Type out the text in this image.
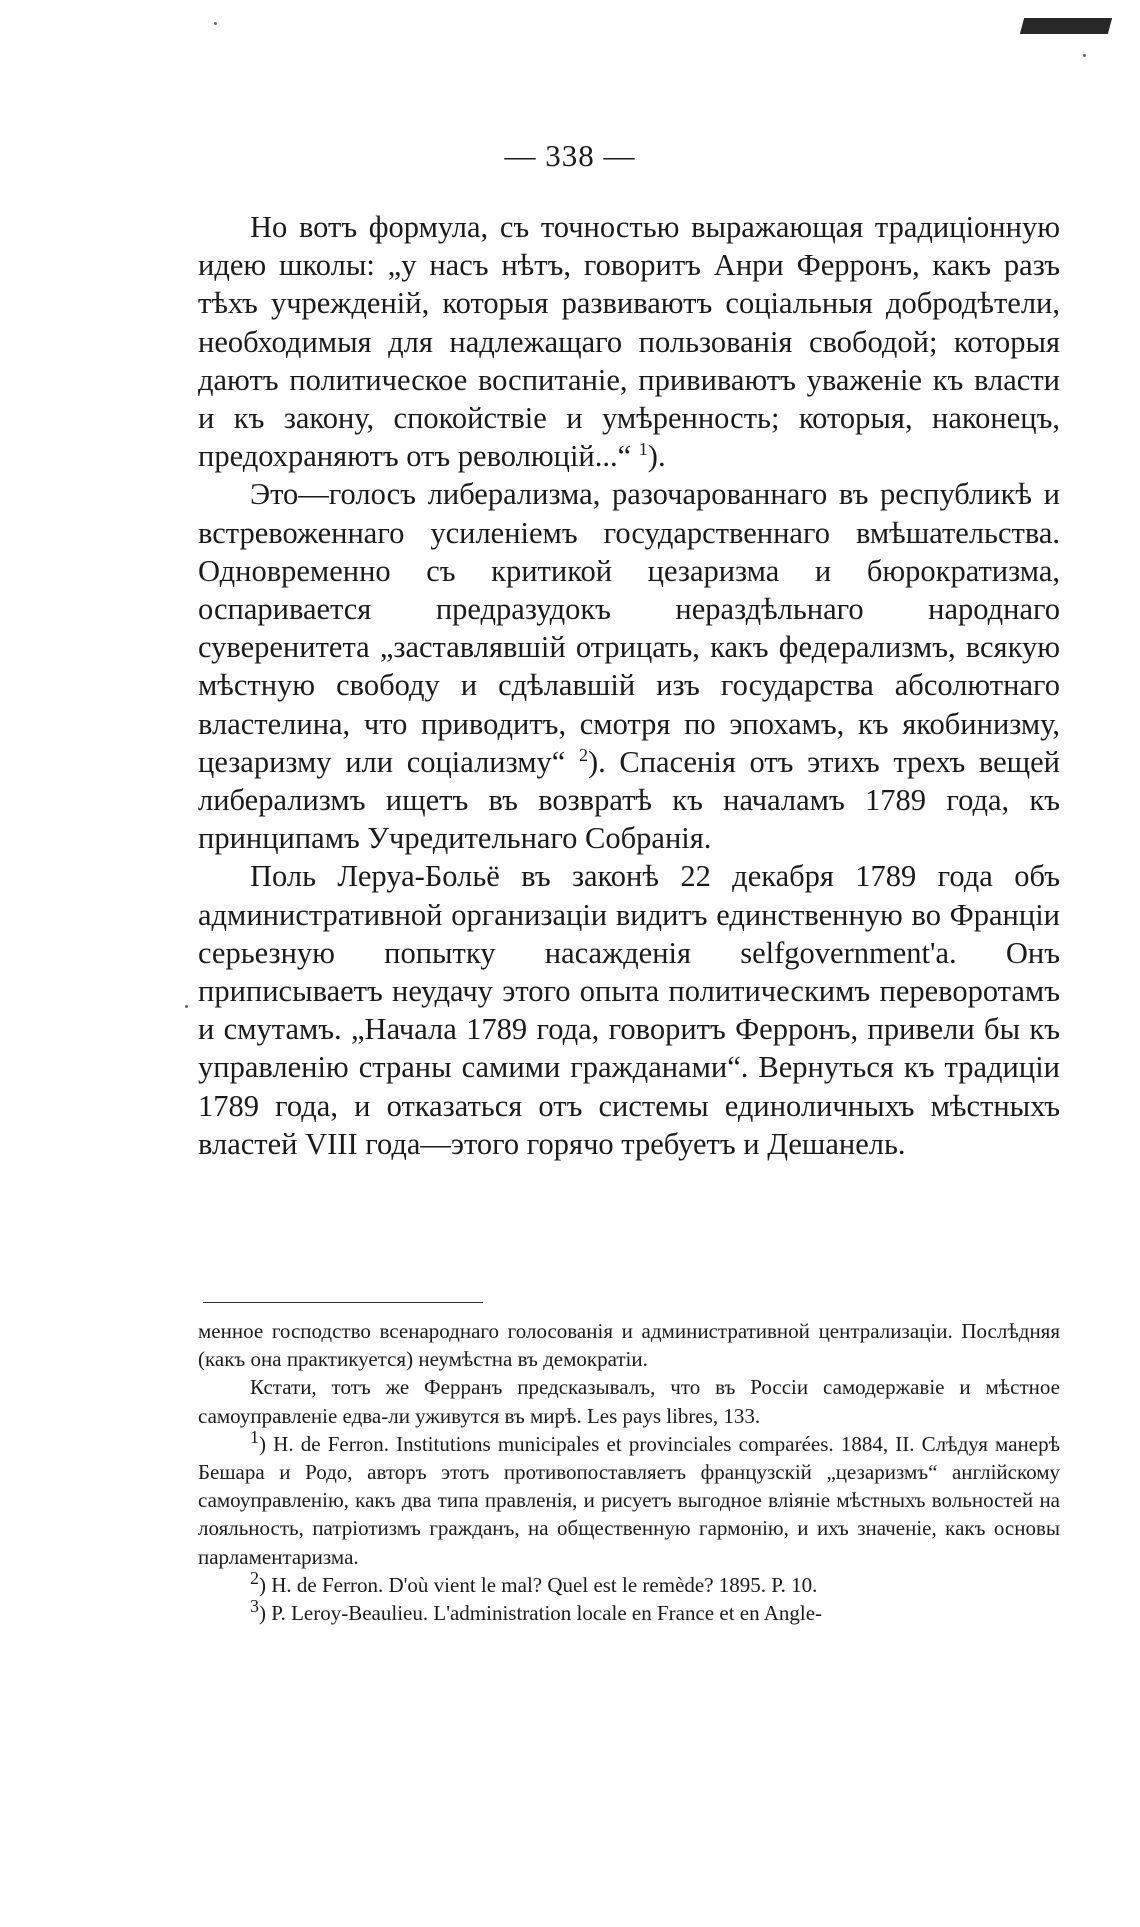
— 338 —

Но вотъ формула, съ точностью выражающая традиціонную идею школы: „у насъ нѣтъ, говоритъ Анри Ферронъ, какъ разъ тѣхъ учрежденій, которыя развиваютъ соціальныя добродѣтели, необходимыя для надлежащаго пользованія свободой; которыя даютъ политическое воспитаніе, прививаютъ уваженіе къ власти и къ закону, спокойствіе и умѣренность; которыя, наконецъ, предохраняютъ отъ революцій...“ $^1$).

Это—голосъ либерализма, разочарованнаго въ республикѣ и встревоженнаго усиленіемъ государственнаго вмѣшательства. Одновременно съ критикой цезаризма и бюрократизма, оспаривается предразудокъ нераздѣльнаго народнаго суверенитета „заставлявшій отрицать, какъ федерализмъ, всякую мѣстную свободу и сдѣлавшій изъ государства абсолютнаго властелина, что приводитъ, смотря по эпохамъ, къ якобинизму, цезаризму или соціализму“ $^2$). Спасенія отъ этихъ трехъ вещей либерализмъ ищетъ въ возвратѣ къ началамъ 1789 года, къ принципамъ Учредительнаго Собранія.

Поль Леруа-Больё въ законѣ 22 декабря 1789 года объ административной организаціи видитъ единственную во Франціи серьезную попытку насажденія selfgovernment'а. Онъ приписываетъ неудачу этого опыта политическимъ переворотамъ и смутамъ. „Начала 1789 года, говоритъ Ферронъ, привели бы къ управленію страны самими гражданами“. Вернуться къ традиціи 1789 года, и отказаться отъ системы единоличныхъ мѣстныхъ властей VIII года—этого горячо требуетъ и Дешанель.

менное господство всенароднаго голосованія и административной централизаціи. Послѣдняя (какъ она практикуется) неумѣстна въ демократіи.

Кстати, тотъ же Ферранъ предсказывалъ, что въ Россіи самодержавіе и мѣстное самоуправленіе едва-ли уживутся въ мирѣ. Les pays libres, 133.

$^1$) H. de Ferron. Institutions municipales et provinciales comparées. 1884, II. Слѣдуя манерѣ Бешара и Родо, авторъ этотъ противопоставляетъ французскій „цезаризмъ“ англійскому самоуправленію, какъ два типа правленія, и рисуетъ выгодное вліяніе мѣстныхъ вольностей на лояльность, патріотизмъ гражданъ, на общественную гармонію, и ихъ значеніе, какъ основы парламентаризма.

$^2$) H. de Ferron. D'où vient le mal? Quel est le remède? 1895. P. 10.

$^3$) P. Leroy-Beaulieu. L'administration locale en France et en Angle-
